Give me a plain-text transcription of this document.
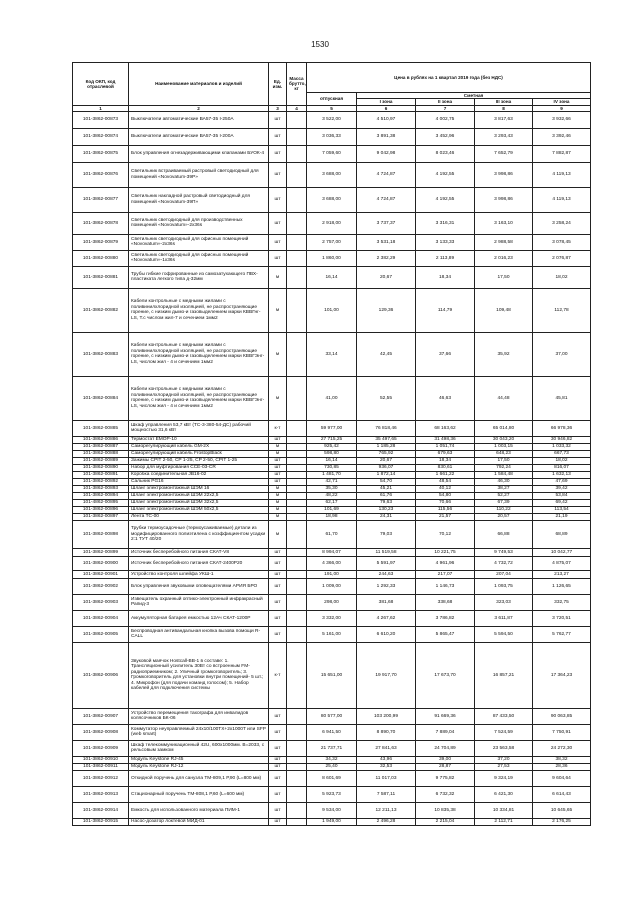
1530
Код ОКП, код отраслевой	Наименование материалов и изделий	Ед. изм.	Масса брутто, кг	Цена в рублях на 1 квартал 2019 года (без НДС)				
				отпускная	Сметная			
					I зона	II зона	III зона	IV зона
1	2	3	4	5	6	7	8	9
101-3862-00873	Выключатели автоматические ВА57-35 I-250А	шт		3 522,00	4 510,97	4 002,75	3 817,63	3 932,66
101-3862-00874	Выключатели автоматические ВА57-35 I-200А	шт		3 036,33	3 891,38	3 452,96	3 293,43	3 392,46
101-3862-00875	Блок управления огнезадерживающими клапанами БУОК-4	шт		7 059,60	9 042,98	8 023,46	7 652,79	7 882,87
101-3862-00876	Светильник встраиваемый растровый светодиодный для помещений «Novovatum-39P»	шт		3 688,00	4 724,87	4 192,55	3 998,86	4 119,13
101-3862-00877	Светильник накладной растровый светодиодный для помещений «Novovatum-39П»	шт		3 688,00	4 724,87	4 192,55	3 998,86	4 119,13
101-3862-00878	Светильник светодиодный для производственных помещений «Novovatum»-2x36s	шт		2 918,00	3 737,37	3 316,31	3 163,10	3 258,24
101-3862-00879	Светильник светодиодный для офисных помещений «Novovatum»-2x36s	шт		2 757,00	3 531,18	3 133,33	2 988,58	3 078,45
101-3862-00880	Светильник светодиодный для офисных помещений «Novovatum»-1x36s	шт		1 860,00	2 382,29	2 113,89	2 016,23	2 076,87
101-3862-00881	Трубы гибкие гофрированные из самозатухающего ПВХ-пластиката легкого типа д-32мм	м		16,14	20,67	18,34	17,50	18,02
101-3862-00882	Кабели контрольные с медными жилами с поливинилхлоридной изоляцией, не распространяющие горение, с низким дымо-и газовыделением марки КВВГнг-LS, Т.с числом жил-7 и сечением 1мм2	м		101,00	129,36	114,79	109,48	112,78
101-3862-00883	Кабели контрольные с медными жилами с поливинилхлоридной изоляцией, не распространяющие горение, с низким дымо-и газовыделением марки КВВГЭнг-LS, числом жил - 4 и сечением 1мм2	м		33,14	42,45	37,66	35,92	37,00
101-3862-00884	Кабели контрольные с медными жилами с поливинилхлоридной изоляцией, не распространяющие горение, с низким дымо-и газовыделением марки КВВГЭнг-LS, числом жил - 4 и сечением 1мм2	м		41,00	52,55	46,63	44,48	45,81
101-3862-00885	Шкаф управления 53,7 кВт (ТС-3-380-54-ДС) рабочий мощностью 31,6 кВт	к-т		59 977,00	76 818,46	68 163,62	65 014,80	66 978,36
101-3862-00886	Термостат EMOP-10	шт		27 715,25	35 497,65	31 498,36	30 043,20	30 946,82
101-3862-00887	Саморегулирующий кабель GM-2X	м		925,42	1 185,28	1 051,74	1 003,15	1 033,32
101-3862-00888	Саморегулирующий кабель FrostopBlack	м		598,80	765,92	679,63	648,23	667,73
101-3862-00889	Зажимы CPIT 2-50, CP 1-25, CP 2-50, CPIT 1-25	шт		16,14	20,67	18,34	17,50	18,02
101-3862-00890	Набор для муфтирования CCE-03-CR	шт		730,85	936,07	830,61	792,24	816,07
101-3862-00891	Коробка соединительная JB16-02	шт		1 481,70	1 872,14	1 661,22	1 584,48	1 632,13
101-3862-00892	Сальник PG16	шт		42,71	54,70	48,54	46,30	47,69
101-3862-00893	Шланг электромонтажный ШЭМ 16	м		35,30	45,21	40,12	38,27	39,42
101-3862-00894	Шланг электромонтажный ШЭМ 22x2,5	м		48,22	61,76	54,80	52,27	53,84
101-4862-00895	Шланг электромонтажный ШЭМ 32x2,5	м		62,17	79,63	70,66	67,39	69,42
101-3862-00896	Шланг электромонтажный ШЭМ 50x2,5	м		101,69	130,23	115,56	110,22	113,54
101-3862-00897	Лента ТС-00	м		18,98	24,31	21,57	20,57	21,19
101-3862-00898	Трубки термоусадочные (термоусаживаемые) детали из модифицированного полиэтилена с коэффициентом усадки 2:1 ТУТ 40/20	м		61,70	79,03	70,12	66,88	68,89
101-3862-00899	Источник бесперебойного питания СКАТ-V8	шт		8 994,07	11 519,58	10 221,75	9 749,53	10 042,77
101-3862-00900	Источник бесперебойного питания СКАТ-2400Р20	шт		4 366,00	5 591,97	4 961,96	4 732,72	4 875,07
101-3862-00901	Устройство контроля шлейфа УКШ-1	шт		191,00	244,63	217,07	207,04	213,27
101-3862-00902	Блок управления звуковыми оповещателями АРИЯ БРО	шт		1 009,00	1 292,33	1 146,73	1 093,75	1 126,65
101-3862-00903	Извещатель охранный оптико-электронный инфракрасный Рапид-3	шт		298,00	381,68	338,68	323,03	332,75
101-3862-00904	Аккумуляторная батарея емкостью 12Ач СКАТ-1200Р	шт		3 332,00	4 267,62	3 786,82	3 611,87	3 720,51
101-3862-00905	Беспроводная антивандальная кнопка вызова помощи R-CALL	шт		5 161,00	6 610,20	5 865,47	5 594,50	5 762,77
101-3862-00906	Звуковой маячок Hostcall-ВВ-1 в составе: 1. Трансляционный усилитель 30Вт со встроенным FM- радиоприемником; 2. Уличный громкоговоритель; 3. Громкоговоритель для установки внутри помещений- 5 шт.; 4. Микрофон (для подачи команд голосом); 5. Набор кабелей для подключения системы	к-т		15 651,00	19 917,70	17 673,70	16 857,21	17 364,23
101-3862-00907	Устройство перемещения тахографа для инвалидов колясочников БК-06	шт		80 577,00	103 200,99	91 669,36	87 433,50	90 063,85
101-3862-00908	Коммутатор неуправляемый 24x10/100TX+2x1000T или SFP (web smart)	шт		6 941,50	8 890,70	7 889,04	7 524,59	7 750,91
101-3862-00909	Шкаф телекоммуникационный 42U, 600x1000мм. В=2033, с рельсовым замком	шт		21 737,71	27 841,63	24 704,89	23 563,58	24 272,30
101-3862-00910	Модуль Keystone RJ-45	шт		34,32	43,96	39,00	37,20	38,32
101-3862-00911	Модуль Keystone RJ-12	шт		25,40	32,53	28,87	27,53	28,36
101-3862-00912	Откидной поручень для санузла ТМ-809,1 Р,90 (L=800 мм)	шт		8 601,69	11 017,03	9 775,82	9 324,19	9 604,64
101-3862-00913	Стационарный поручень ТМ-808,1 Р,60 (L=600 мм)	шт		5 923,73	7 587,11	6 732,32	6 421,30	6 614,43
101-3862-00914	Емкость для использованного материала ПИМ-1	шт		9 534,00	12 211,13	10 835,38	10 334,81	10 645,65
101-3862-00915	Насос-дозатор локтевой МИД-01	шт		1 949,00	2 496,28	2 215,04	2 112,71	2 176,25
